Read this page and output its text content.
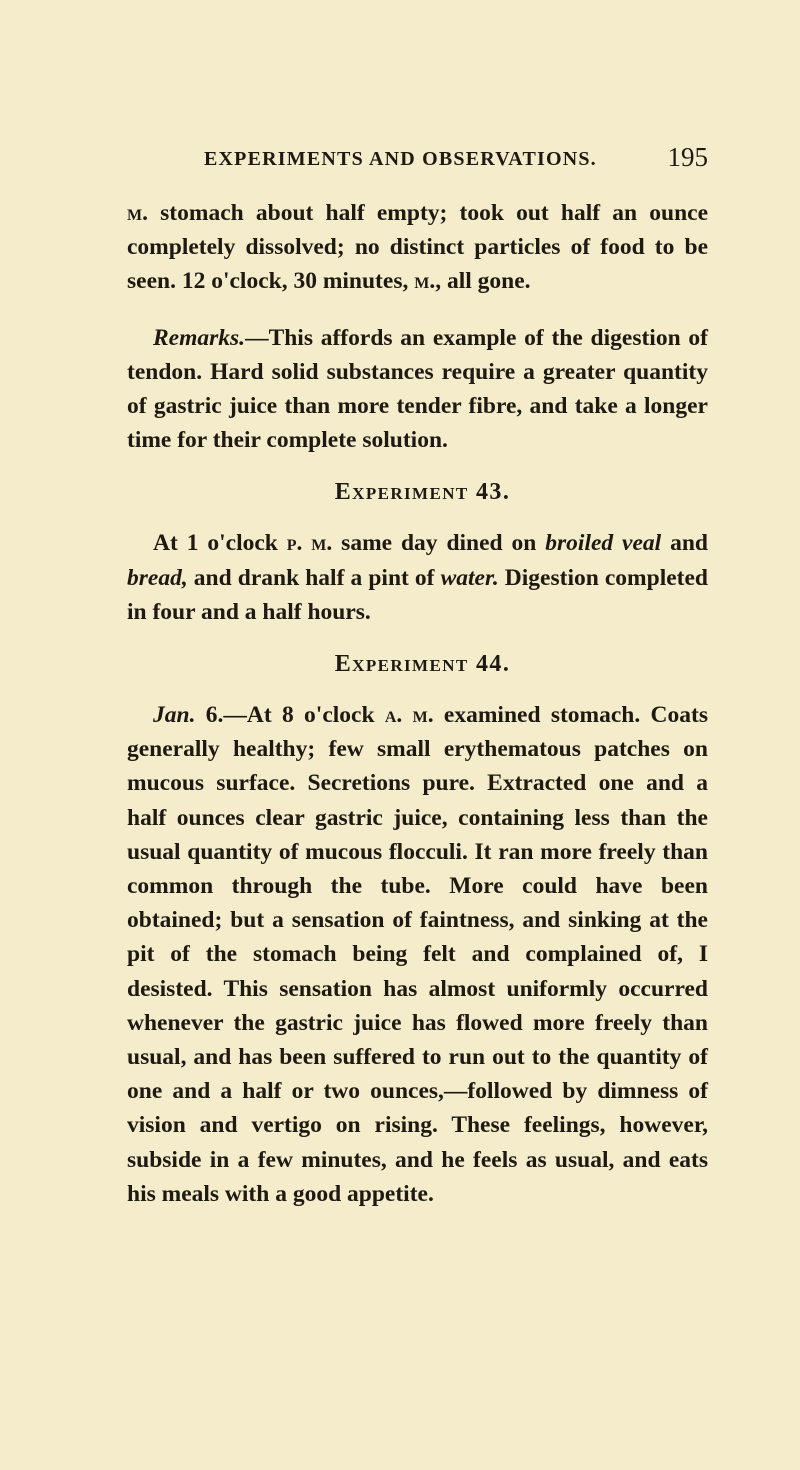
EXPERIMENTS AND OBSERVATIONS.	195

m. stomach about half empty; took out half an ounce completely dissolved; no distinct particles of food to be seen. 12 o'clock, 30 minutes, m., all gone.

Remarks.—This affords an example of the digestion of tendon. Hard solid substances require a greater quantity of gastric juice than more tender fibre, and take a longer time for their complete solution.

Experiment 43.

At 1 o'clock p. m. same day dined on broiled veal and bread, and drank half a pint of water. Digestion completed in four and a half hours.

Experiment 44.

Jan. 6.—At 8 o'clock a. m. examined stomach. Coats generally healthy; few small erythematous patches on mucous surface. Secretions pure. Extracted one and a half ounces clear gastric juice, containing less than the usual quantity of mucous flocculi. It ran more freely than common through the tube. More could have been obtained; but a sensation of faintness, and sinking at the pit of the stomach being felt and complained of, I desisted. This sensation has almost uniformly occurred whenever the gastric juice has flowed more freely than usual, and has been suffered to run out to the quantity of one and a half or two ounces,—followed by dimness of vision and vertigo on rising. These feelings, however, subside in a few minutes, and he feels as usual, and eats his meals with a good appetite.
